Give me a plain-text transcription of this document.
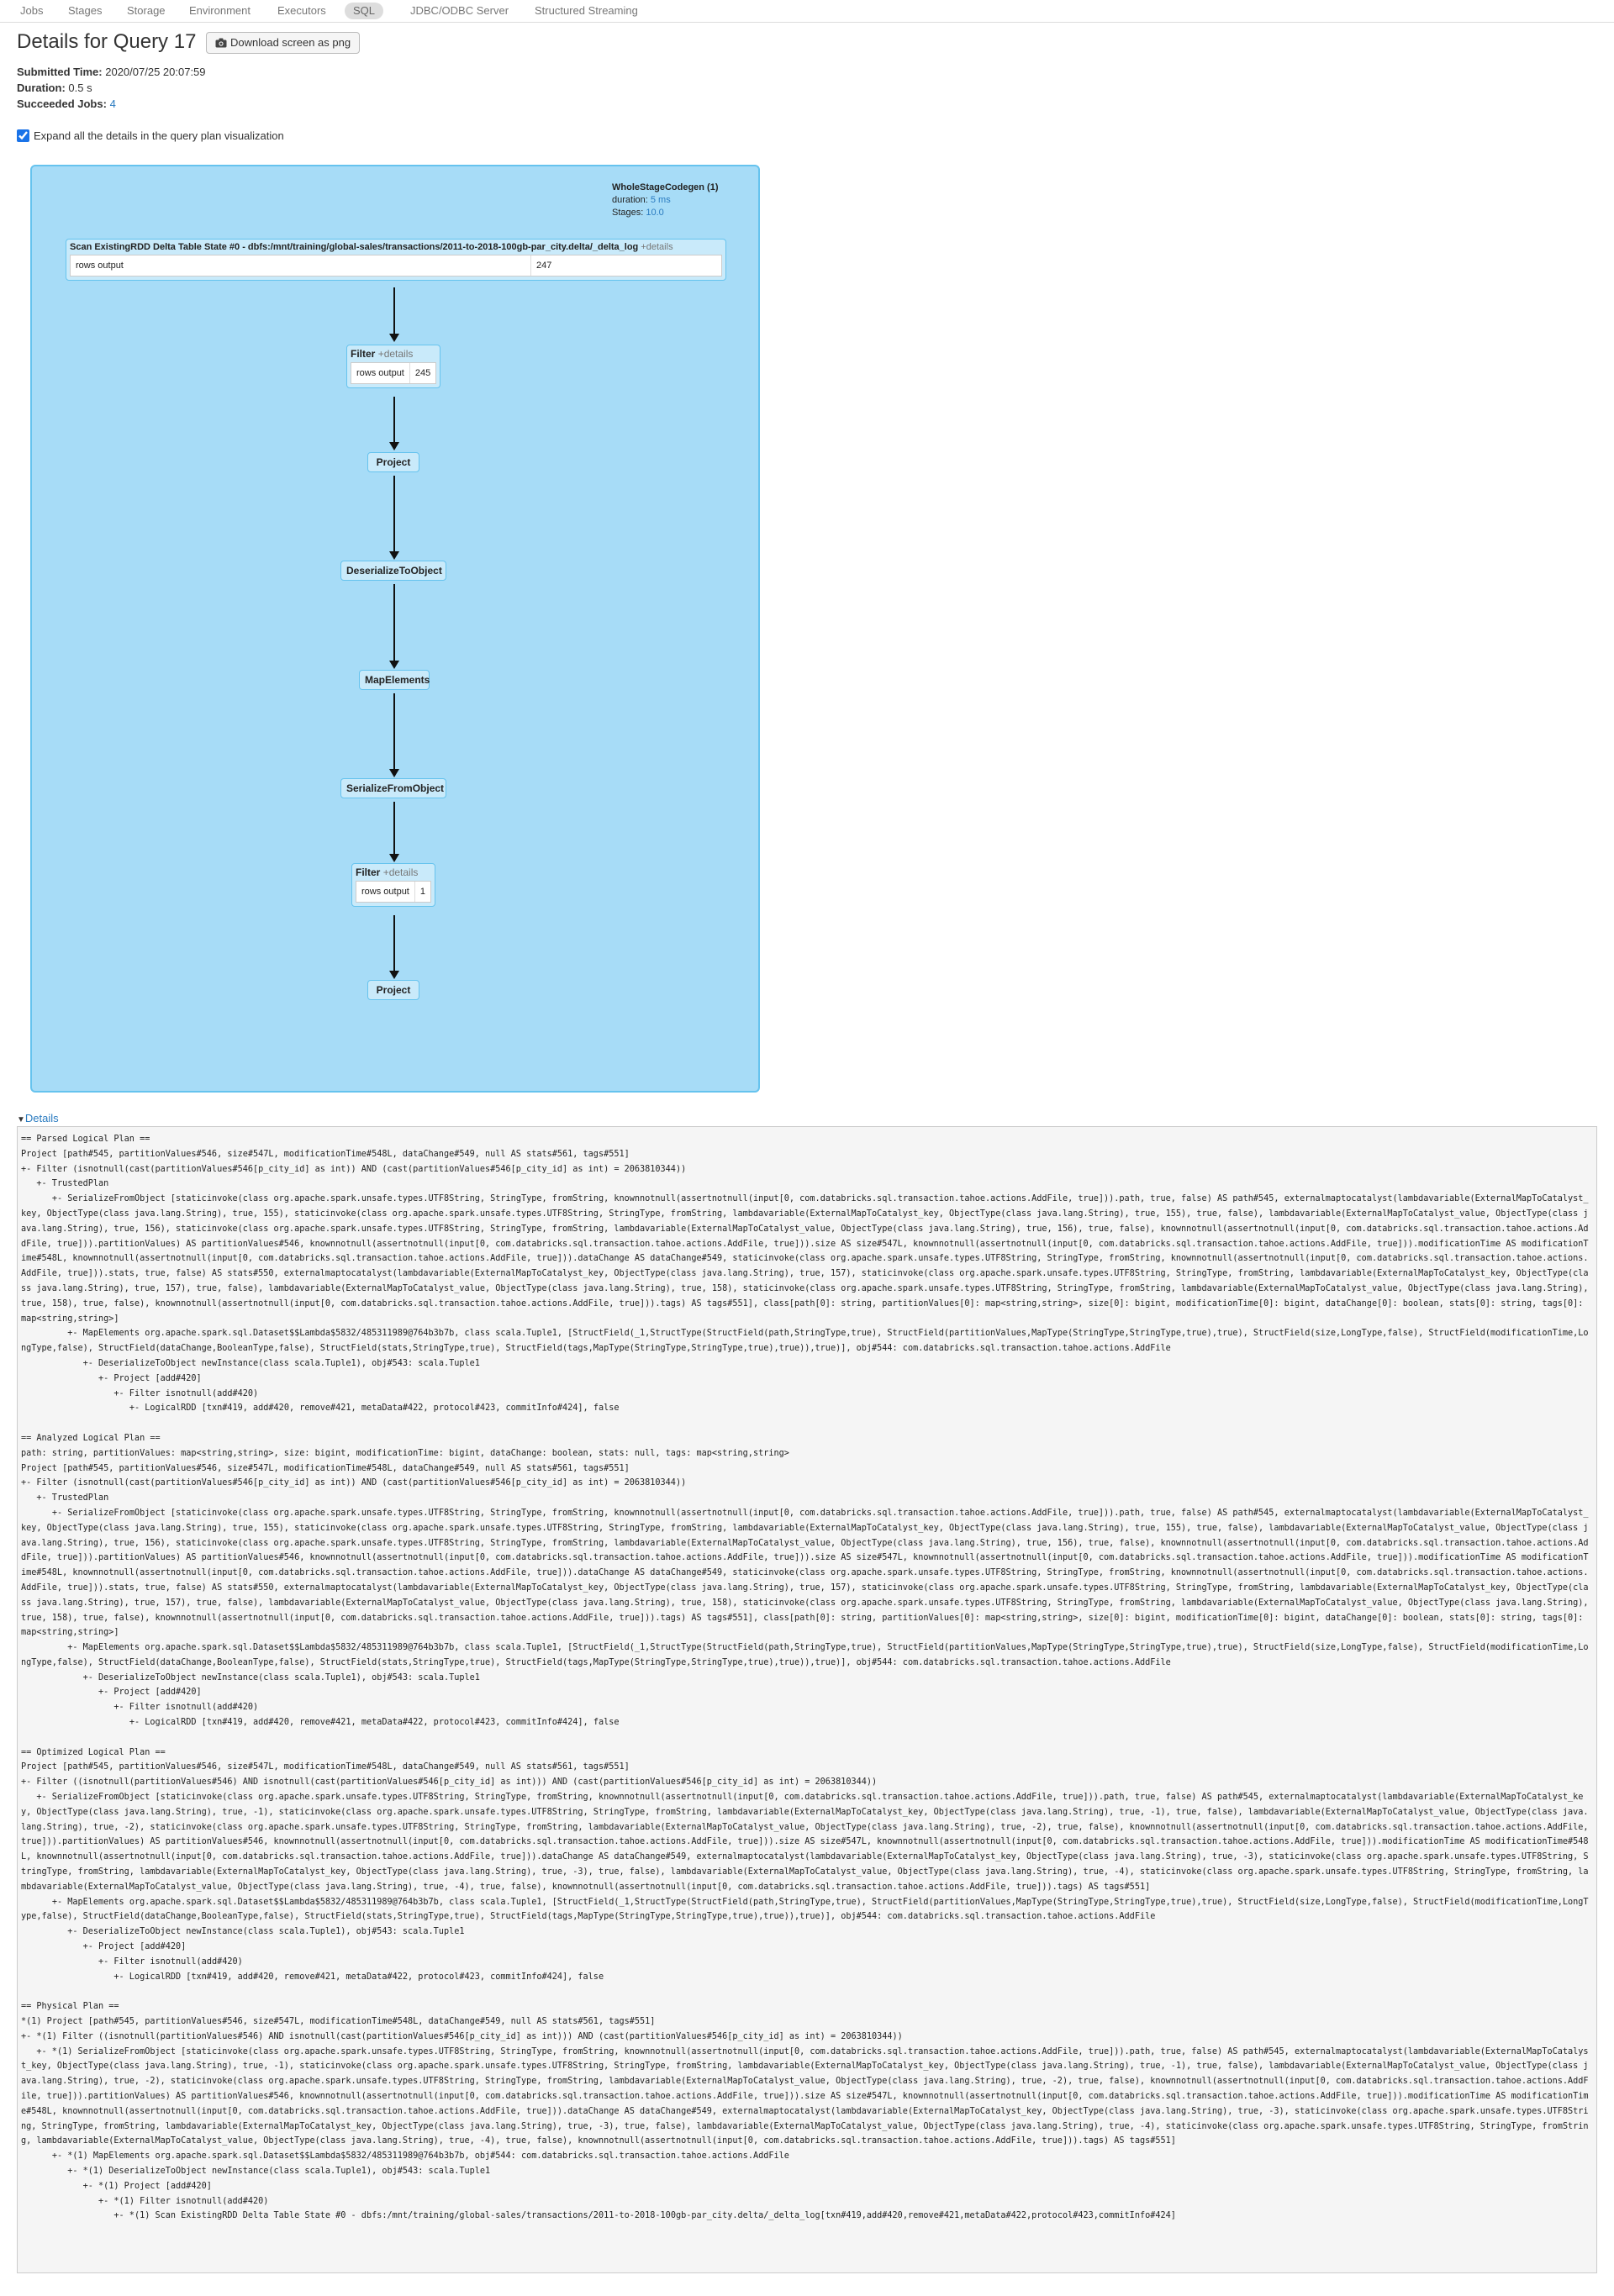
Jobs	Stages	Storage	Environment	Executors	SQL	JDBC/ODBC Server	Structured Streaming
Details for Query 17	Download screen as png
Submitted Time: 2020/07/25 20:07:59
Duration: 0.5 s
Succeeded Jobs: 4
Expand all the details in the query plan visualization
WholeStageCodegen (1)
duration: 5 ms
Stages: 10.0
Scan ExistingRDD Delta Table State #0 - dbfs:/mnt/training/global-sales/transactions/2011-to-2018-100gb-par_city.delta/_delta_log +details
rows output	247
Filter +details
rows output	245
Project
DeserializeToObject
MapElements
SerializeFromObject
Filter +details
rows output	1
Project
▼Details
== Parsed Logical Plan ==
Project [path#545, partitionValues#546, size#547L, modificationTime#548L, dataChange#549, null AS stats#561, tags#551]
+- Filter (isnotnull(cast(partitionValues#546[p_city_id] as int)) AND (cast(partitionValues#546[p_city_id] as int) = 2063810344))
+- TrustedPlan
+- SerializeFromObject [staticinvoke(class org.apache.spark.unsafe.types.UTF8String, StringType, fromString, knownnotnull(assertnotnull(input[0, com.databricks.sql.transaction.tahoe.actions.AddFile, true])).path, true, false) AS path#545, externalmaptocatalyst(lambdavariable(ExternalMapToCatalyst_key, ObjectType(class java.lang.String), true, 155), staticinvoke(class org.apache.spark.unsafe.types.UTF8String, StringType, fromString, lambdavariable(ExternalMapToCatalyst_key, ObjectType(class java.lang.String), true, 155), true, false), lambdavariable(ExternalMapToCatalyst_value, ObjectType(class java.lang.String), true, 156), staticinvoke(class org.apache.spark.unsafe.types.UTF8String, StringType, fromString, lambdavariable(ExternalMapToCatalyst_value, ObjectType(class java.lang.String), true, 156), true, false), knownnotnull(assertnotnull(input[0, com.databricks.sql.transaction.tahoe.actions.AddFile, true])).partitionValues) AS partitionValues#546, knownnotnull(assertnotnull(input[0, com.databricks.sql.transaction.tahoe.actions.AddFile, true])).size AS size#547L, knownnotnull(assertnotnull(input[0, com.databricks.sql.transaction.tahoe.actions.AddFile, true])).modificationTime AS modificationTime#548L, knownnotnull(assertnotnull(input[0, com.databricks.sql.transaction.tahoe.actions.AddFile, true])).dataChange AS dataChange#549, staticinvoke(class org.apache.spark.unsafe.types.UTF8String, StringType, fromString, knownnotnull(assertnotnull(input[0, com.databricks.sql.transaction.tahoe.actions.AddFile, true])).stats, true, false) AS stats#550, externalmaptocatalyst(lambdavariable(ExternalMapToCatalyst_key, ObjectType(class java.lang.String), true, 157), staticinvoke(class org.apache.spark.unsafe.types.UTF8String, StringType, fromString, lambdavariable(ExternalMapToCatalyst_key, ObjectType(class java.lang.String), true, 157), true, false), lambdavariable(ExternalMapToCatalyst_value, ObjectType(class java.lang.String), true, 158), staticinvoke(class org.apache.spark.unsafe.types.UTF8String, StringType, fromString, lambdavariable(ExternalMapToCatalyst_value, ObjectType(class java.lang.String), true, 158), true, false), knownnotnull(assertnotnull(input[0, com.databricks.sql.transaction.tahoe.actions.AddFile, true])).tags) AS tags#551], class[path[0]: string, partitionValues[0]: map<string,string>, size[0]: bigint, modificationTime[0]: bigint, dataChange[0]: boolean, stats[0]: string, tags[0]: map<string,string>]
+- MapElements org.apache.spark.sql.Dataset$$Lambda$5832/485311989@764b3b7b, class scala.Tuple1, [StructField(_1,StructType(StructField(path,StringType,true), StructField(partitionValues,MapType(StringType,StringType,true),true), StructField(size,LongType,false), StructField(modificationTime,LongType,false), StructField(dataChange,BooleanType,false), StructField(stats,StringType,true), StructField(tags,MapType(StringType,StringType,true),true)),true)], obj#544: com.databricks.sql.transaction.tahoe.actions.AddFile
+- DeserializeToObject newInstance(class scala.Tuple1), obj#543: scala.Tuple1
+- Project [add#420]
+- Filter isnotnull(add#420)
+- LogicalRDD [txn#419, add#420, remove#421, metaData#422, protocol#423, commitInfo#424], false

== Analyzed Logical Plan ==
path: string, partitionValues: map<string,string>, size: bigint, modificationTime: bigint, dataChange: boolean, stats: null, tags: map<string,string>
Project [path#545, partitionValues#546, size#547L, modificationTime#548L, dataChange#549, null AS stats#561, tags#551]
+- Filter (isnotnull(cast(partitionValues#546[p_city_id] as int)) AND (cast(partitionValues#546[p_city_id] as int) = 2063810344))
+- TrustedPlan
+- SerializeFromObject [staticinvoke(class org.apache.spark.unsafe.types.UTF8String, StringType, fromString, knownnotnull(assertnotnull(input[0, com.databricks.sql.transaction.tahoe.actions.AddFile, true])).path, true, false) AS path#545, externalmaptocatalyst(lambdavariable(ExternalMapToCatalyst_key, ObjectType(class java.lang.String), true, 155), staticinvoke(class org.apache.spark.unsafe.types.UTF8String, StringType, fromString, lambdavariable(ExternalMapToCatalyst_key, ObjectType(class java.lang.String), true, 155), true, false), lambdavariable(ExternalMapToCatalyst_value, ObjectType(class java.lang.String), true, 156), staticinvoke(class org.apache.spark.unsafe.types.UTF8String, StringType, fromString, lambdavariable(ExternalMapToCatalyst_value, ObjectType(class java.lang.String), true, 156), true, false), knownnotnull(assertnotnull(input[0, com.databricks.sql.transaction.tahoe.actions.AddFile, true])).partitionValues) AS partitionValues#546, knownnotnull(assertnotnull(input[0, com.databricks.sql.transaction.tahoe.actions.AddFile, true])).size AS size#547L, knownnotnull(assertnotnull(input[0, com.databricks.sql.transaction.tahoe.actions.AddFile, true])).modificationTime AS modificationTime#548L, knownnotnull(assertnotnull(input[0, com.databricks.sql.transaction.tahoe.actions.AddFile, true])).dataChange AS dataChange#549, staticinvoke(class org.apache.spark.unsafe.types.UTF8String, StringType, fromString, knownnotnull(assertnotnull(input[0, com.databricks.sql.transaction.tahoe.actions.AddFile, true])).stats, true, false) AS stats#550, externalmaptocatalyst(lambdavariable(ExternalMapToCatalyst_key, ObjectType(class java.lang.String), true, 157), staticinvoke(class org.apache.spark.unsafe.types.UTF8String, StringType, fromString, lambdavariable(ExternalMapToCatalyst_key, ObjectType(class java.lang.String), true, 157), true, false), lambdavariable(ExternalMapToCatalyst_value, ObjectType(class java.lang.String), true, 158), staticinvoke(class org.apache.spark.unsafe.types.UTF8String, StringType, fromString, lambdavariable(ExternalMapToCatalyst_value, ObjectType(class java.lang.String), true, 158), true, false), knownnotnull(assertnotnull(input[0, com.databricks.sql.transaction.tahoe.actions.AddFile, true])).tags) AS tags#551], class[path[0]: string, partitionValues[0]: map<string,string>, size[0]: bigint, modificationTime[0]: bigint, dataChange[0]: boolean, stats[0]: string, tags[0]: map<string,string>]
+- MapElements org.apache.spark.sql.Dataset$$Lambda$5832/485311989@764b3b7b, class scala.Tuple1, [StructField(_1,StructType(StructField(path,StringType,true), StructField(partitionValues,MapType(StringType,StringType,true),true), StructField(size,LongType,false), StructField(modificationTime,LongType,false), StructField(dataChange,BooleanType,false), StructField(stats,StringType,true), StructField(tags,MapType(StringType,StringType,true),true)),true)], obj#544: com.databricks.sql.transaction.tahoe.actions.AddFile
+- DeserializeToObject newInstance(class scala.Tuple1), obj#543: scala.Tuple1
+- Project [add#420]
+- Filter isnotnull(add#420)
+- LogicalRDD [txn#419, add#420, remove#421, metaData#422, protocol#423, commitInfo#424], false

== Optimized Logical Plan ==
Project [path#545, partitionValues#546, size#547L, modificationTime#548L, dataChange#549, null AS stats#561, tags#551]
+- Filter ((isnotnull(partitionValues#546) AND isnotnull(cast(partitionValues#546[p_city_id] as int))) AND (cast(partitionValues#546[p_city_id] as int) = 2063810344))
+- SerializeFromObject [staticinvoke(class org.apache.spark.unsafe.types.UTF8String, StringType, fromString, knownnotnull(assertnotnull(input[0, com.databricks.sql.transaction.tahoe.actions.AddFile, true])).path, true, false) AS path#545, externalmaptocatalyst(lambdavariable(ExternalMapToCatalyst_key, ObjectType(class java.lang.String), true, -1), staticinvoke(class org.apache.spark.unsafe.types.UTF8String, StringType, fromString, lambdavariable(ExternalMapToCatalyst_key, ObjectType(class java.lang.String), true, -1), true, false), lambdavariable(ExternalMapToCatalyst_value, ObjectType(class java.lang.String), true, -2), staticinvoke(class org.apache.spark.unsafe.types.UTF8String, StringType, fromString, lambdavariable(ExternalMapToCatalyst_value, ObjectType(class java.lang.String), true, -2), true, false), knownnotnull(assertnotnull(input[0, com.databricks.sql.transaction.tahoe.actions.AddFile, true])).partitionValues) AS partitionValues#546, knownnotnull(assertnotnull(input[0, com.databricks.sql.transaction.tahoe.actions.AddFile, true])).size AS size#547L, knownnotnull(assertnotnull(input[0, com.databricks.sql.transaction.tahoe.actions.AddFile, true])).modificationTime AS modificationTime#548L, knownnotnull(assertnotnull(input[0, com.databricks.sql.transaction.tahoe.actions.AddFile, true])).dataChange AS dataChange#549, externalmaptocatalyst(lambdavariable(ExternalMapToCatalyst_key, ObjectType(class java.lang.String), true, -3), staticinvoke(class org.apache.spark.unsafe.types.UTF8String, StringType, fromString, lambdavariable(ExternalMapToCatalyst_key, ObjectType(class java.lang.String), true, -3), true, false), lambdavariable(ExternalMapToCatalyst_value, ObjectType(class java.lang.String), true, -4), staticinvoke(class org.apache.spark.unsafe.types.UTF8String, StringType, fromString, lambdavariable(ExternalMapToCatalyst_value, ObjectType(class java.lang.String), true, -4), true, false), knownnotnull(assertnotnull(input[0, com.databricks.sql.transaction.tahoe.actions.AddFile, true])).tags) AS tags#551]
+- MapElements org.apache.spark.sql.Dataset$$Lambda$5832/485311989@764b3b7b, class scala.Tuple1, [StructField(_1,StructType(StructField(path,StringType,true), StructField(partitionValues,MapType(StringType,StringType,true),true), StructField(size,LongType,false), StructField(modificationTime,LongType,false), StructField(dataChange,BooleanType,false), StructField(stats,StringType,true), StructField(tags,MapType(StringType,StringType,true),true)),true)], obj#544: com.databricks.sql.transaction.tahoe.actions.AddFile
+- DeserializeToObject newInstance(class scala.Tuple1), obj#543: scala.Tuple1
+- Project [add#420]
+- Filter isnotnull(add#420)
+- LogicalRDD [txn#419, add#420, remove#421, metaData#422, protocol#423, commitInfo#424], false

== Physical Plan ==
*(1) Project [path#545, partitionValues#546, size#547L, modificationTime#548L, dataChange#549, null AS stats#561, tags#551]
+- *(1) Filter ((isnotnull(partitionValues#546) AND isnotnull(cast(partitionValues#546[p_city_id] as int))) AND (cast(partitionValues#546[p_city_id] as int) = 2063810344))
+- *(1) SerializeFromObject [staticinvoke(class org.apache.spark.unsafe.types.UTF8String, StringType, fromString, knownnotnull(assertnotnull(input[0, com.databricks.sql.transaction.tahoe.actions.AddFile, true])).path, true, false) AS path#545, externalmaptocatalyst(lambdavariable(ExternalMapToCatalyst_key, ObjectType(class java.lang.String), true, -1), staticinvoke(class org.apache.spark.unsafe.types.UTF8String, StringType, fromString, lambdavariable(ExternalMapToCatalyst_key, ObjectType(class java.lang.String), true, -1), true, false), lambdavariable(ExternalMapToCatalyst_value, ObjectType(class java.lang.String), true, -2), staticinvoke(class org.apache.spark.unsafe.types.UTF8String, StringType, fromString, lambdavariable(ExternalMapToCatalyst_value, ObjectType(class java.lang.String), true, -2), true, false), knownnotnull(assertnotnull(input[0, com.databricks.sql.transaction.tahoe.actions.AddFile, true])).partitionValues) AS partitionValues#546, knownnotnull(assertnotnull(input[0, com.databricks.sql.transaction.tahoe.actions.AddFile, true])).size AS size#547L, knownnotnull(assertnotnull(input[0, com.databricks.sql.transaction.tahoe.actions.AddFile, true])).modificationTime AS modificationTime#548L, knownnotnull(assertnotnull(input[0, com.databricks.sql.transaction.tahoe.actions.AddFile, true])).dataChange AS dataChange#549, externalmaptocatalyst(lambdavariable(ExternalMapToCatalyst_key, ObjectType(class java.lang.String), true, -3), staticinvoke(class org.apache.spark.unsafe.types.UTF8String, StringType, fromString, lambdavariable(ExternalMapToCatalyst_key, ObjectType(class java.lang.String), true, -3), true, false), lambdavariable(ExternalMapToCatalyst_value, ObjectType(class java.lang.String), true, -4), staticinvoke(class org.apache.spark.unsafe.types.UTF8String, StringType, fromString, lambdavariable(ExternalMapToCatalyst_value, ObjectType(class java.lang.String), true, -4), true, false), knownnotnull(assertnotnull(input[0, com.databricks.sql.transaction.tahoe.actions.AddFile, true])).tags) AS tags#551]
+- *(1) MapElements org.apache.spark.sql.Dataset$$Lambda$5832/485311989@764b3b7b, obj#544: com.databricks.sql.transaction.tahoe.actions.AddFile
+- *(1) DeserializeToObject newInstance(class scala.Tuple1), obj#543: scala.Tuple1
+- *(1) Project [add#420]
+- *(1) Filter isnotnull(add#420)
+- *(1) Scan ExistingRDD Delta Table State #0 - dbfs:/mnt/training/global-sales/transactions/2011-to-2018-100gb-par_city.delta/_delta_log[txn#419,add#420,remove#421,metaData#422,protocol#423,commitInfo#424]
